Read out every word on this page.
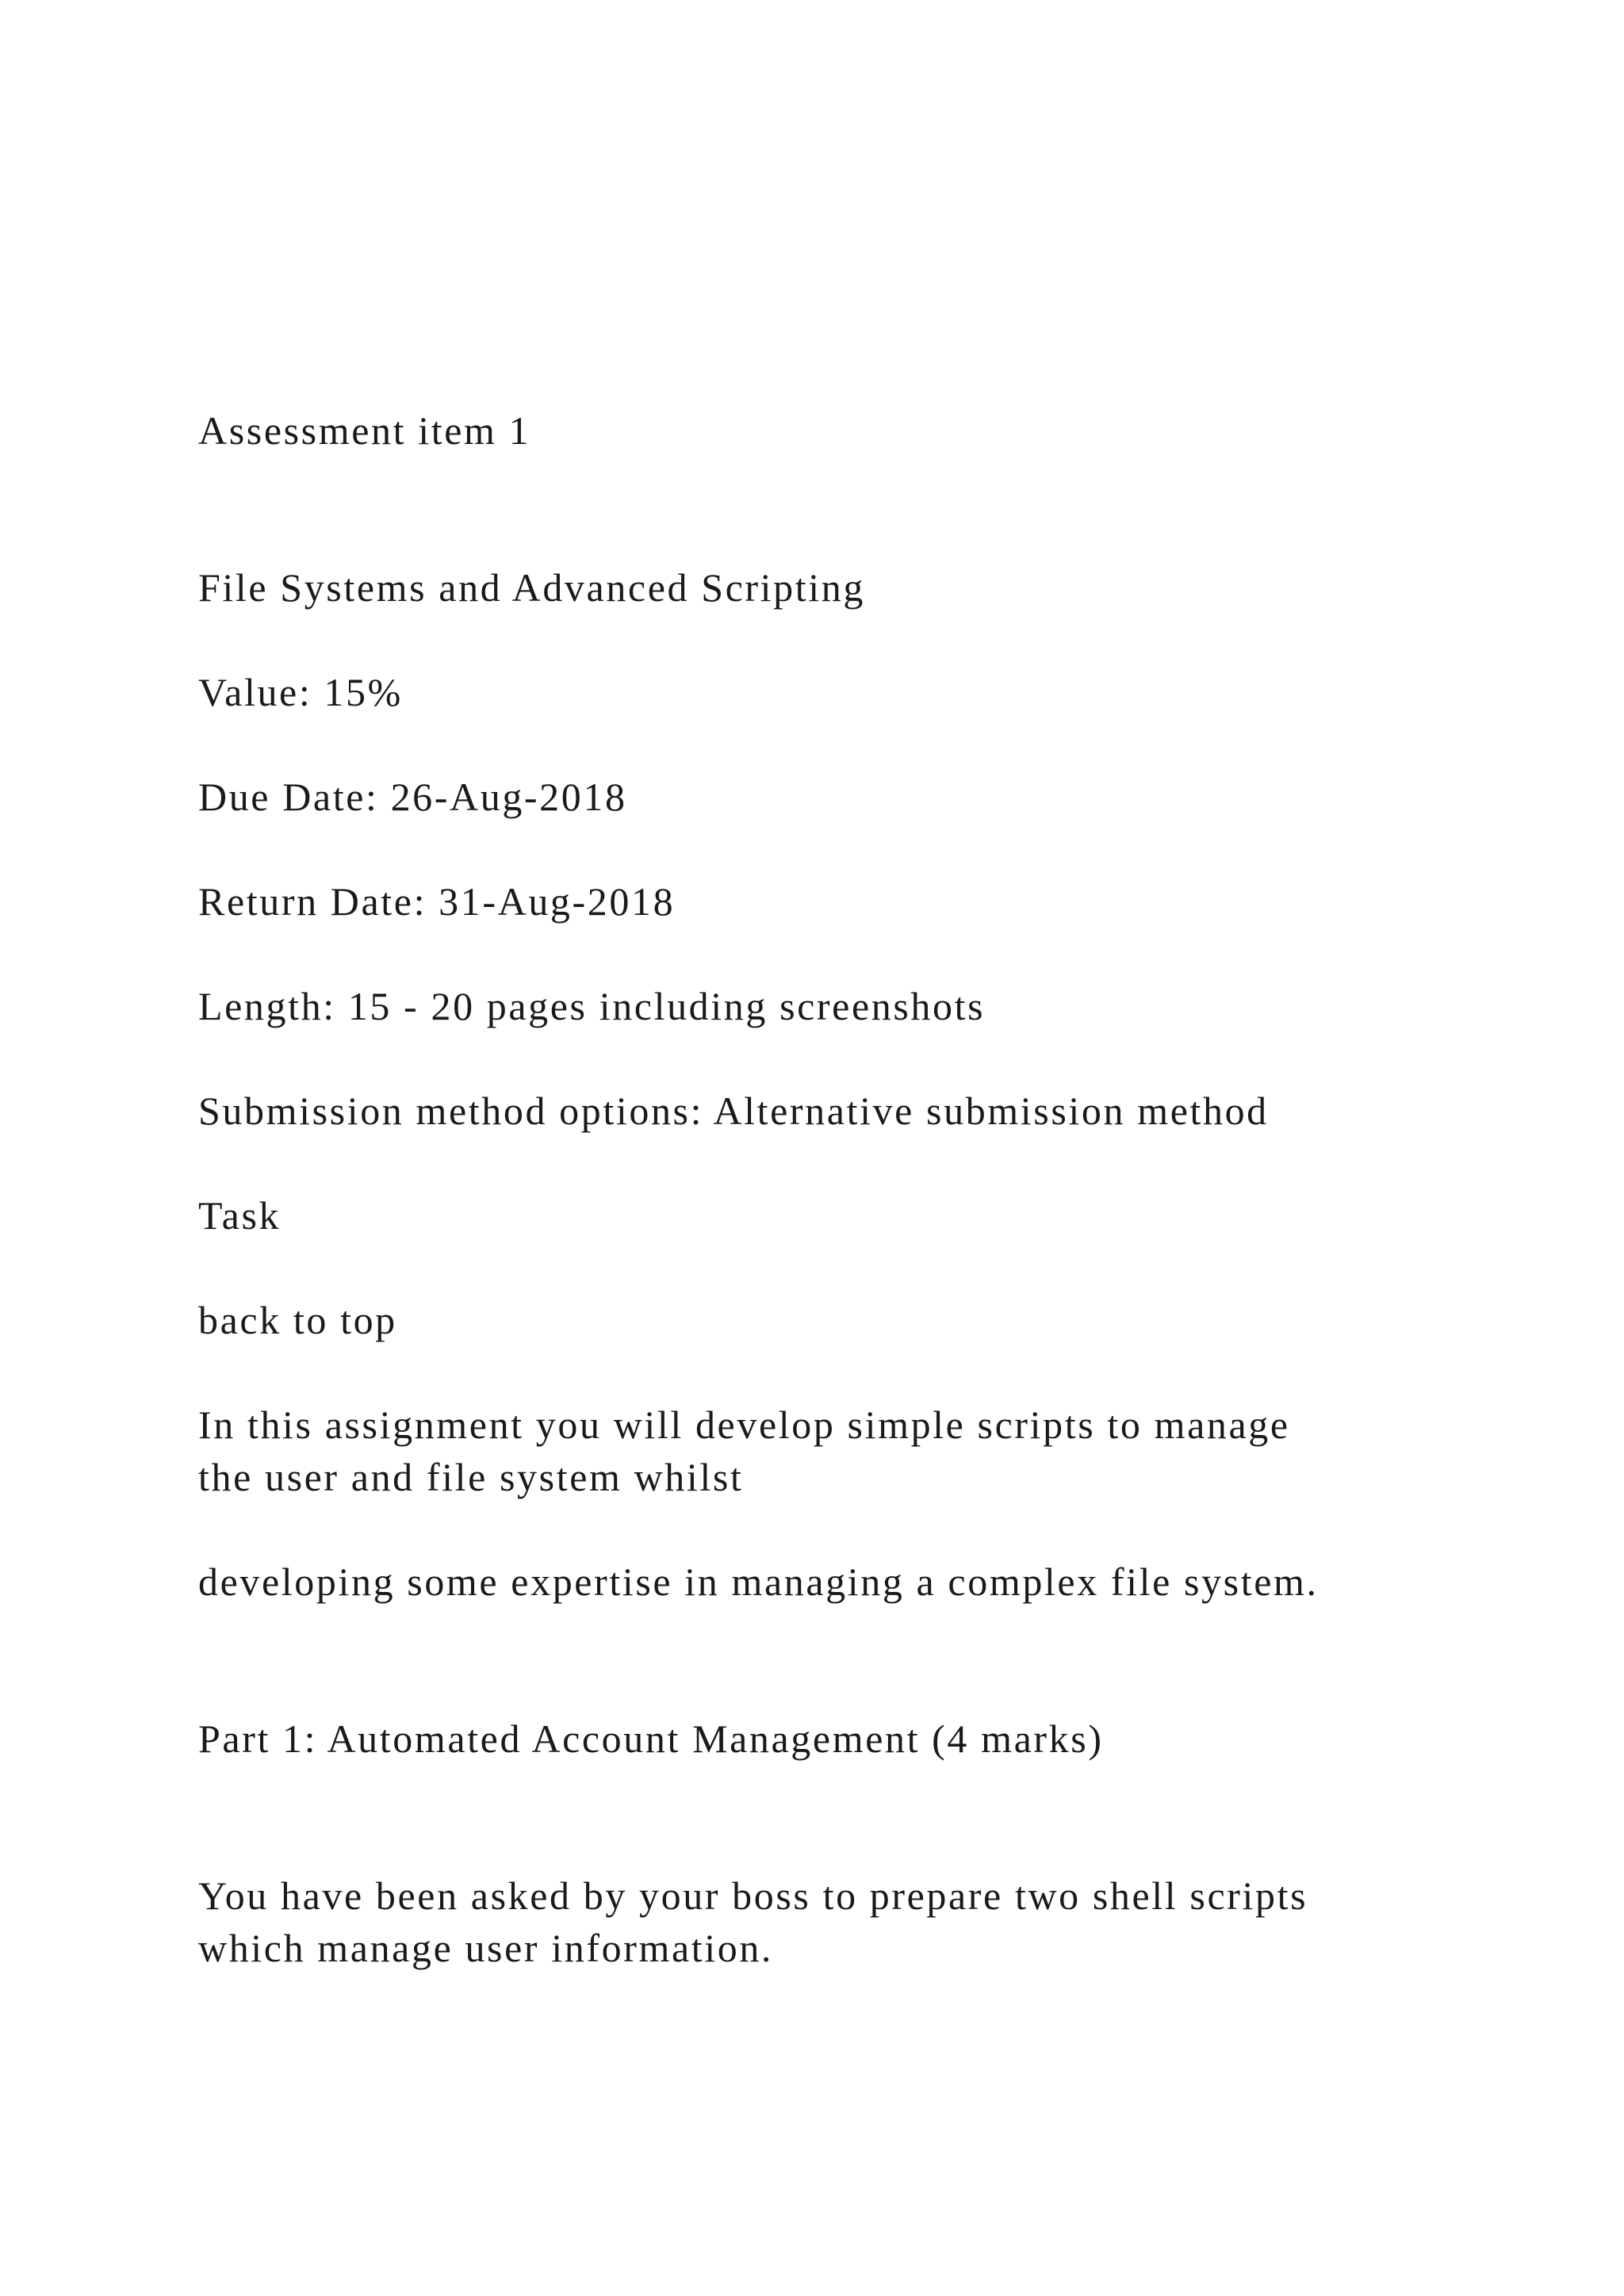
Assessment item 1

File Systems and Advanced Scripting

Value: 15%

Due Date: 26-Aug-2018

Return Date: 31-Aug-2018

Length: 15 - 20 pages including screenshots

Submission method options: Alternative submission method

Task

back to top

In this assignment you will develop simple scripts to manage

the user and file system whilst

developing some expertise in managing a complex file system.

Part 1: Automated Account Management (4 marks)

You have been asked by your boss to prepare two shell scripts

which manage user information.
